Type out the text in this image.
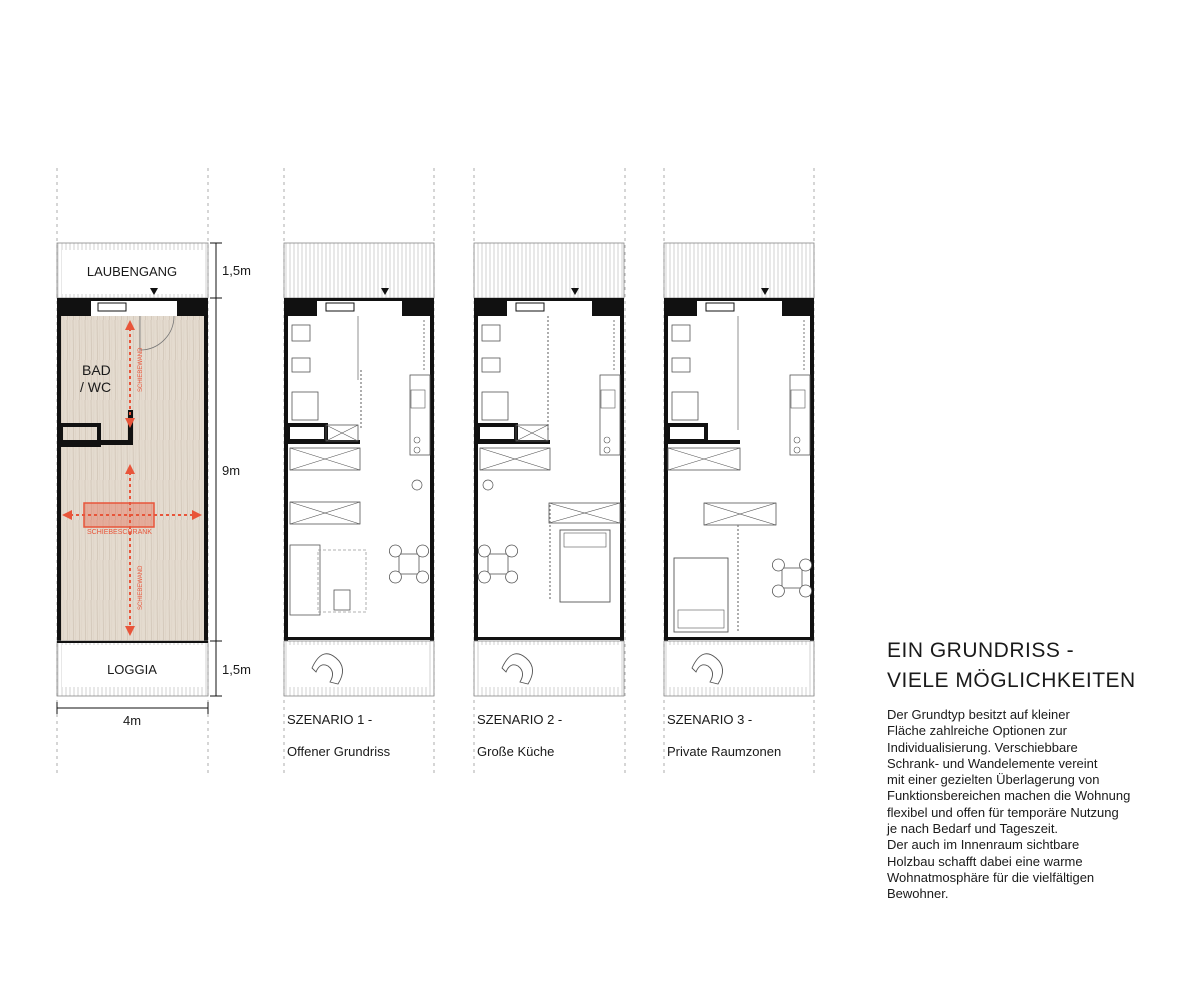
LAUBENGANG
BAD
/ WC
LOGGIA
SCHIEBEWAND
SCHIEBEWAND
SCHIEBESCHRANK
1,5m
9m
1,5m
4m	SZENARIO 1 -
Offener Grundriss
SZENARIO 2 -
Große Küche
SZENARIO 3 -
Private Raumzonen
EIN GRUNDRISS -
VIELE MÖGLICHKEITEN
Der Grundtyp besitzt auf kleiner
Fläche zahlreiche Optionen zur
Individualisierung. Verschiebbare
Schrank- und Wandelemente vereint
mit einer gezielten Überlagerung von
Funktionsbereichen machen die Wohnung
flexibel und offen für temporäre Nutzung
je nach Bedarf und Tageszeit.
Der auch im Innenraum sichtbare
Holzbau schafft dabei eine warme
Wohnatmosphäre für die vielfältigen
Bewohner.
